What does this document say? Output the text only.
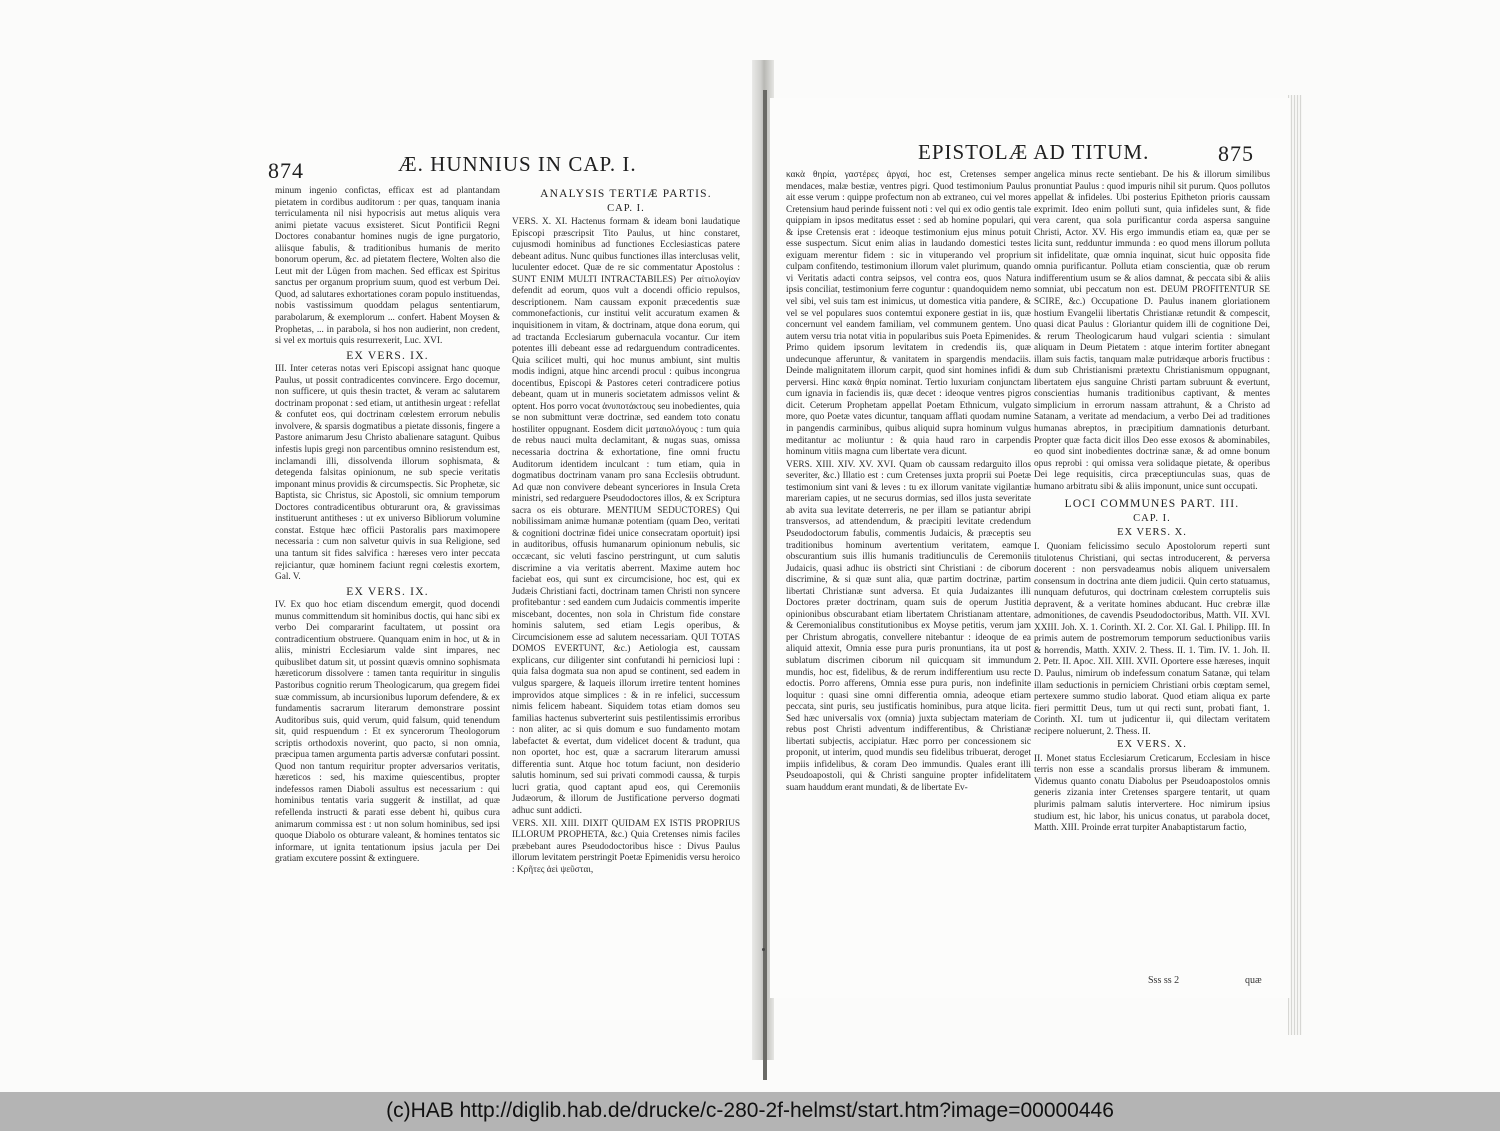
874	Æ. HUNNIUS IN CAP. I.

minum ingenio confictas, efficax est ad plantandam pietatem in cordibus auditorum : per quas, tanquam inania terriculamenta nil nisi hypocrisis aut metus aliquis vera animi pietate vacuus exsisteret. Sicut Pontificii Regni Doctores conabantur homines nugis de igne purgatorio, aliisque fabulis, & traditionibus humanis de merito bonorum operum, &c. ad pietatem flectere, Wolten also die Leut mit der Lügen from machen. Sed efficax est Spiritus sanctus per organum proprium suum, quod est verbum Dei. Quod, ad salutares exhortationes coram populo instituendas, nobis vastissimum quoddam pelagus sententiarum, parabolarum, & exemplorum ... confert. Habent Moysen & Prophetas, ... in parabola, si hos non audierint, non credent, si vel ex mortuis quis resurrexerit, Luc. XVI.

EX VERS. IX.

III. Inter ceteras notas veri Episcopi assignat hanc quoque Paulus, ut possit contradicentes convincere. Ergo docemur, non sufficere, ut quis thesin tractet, & veram ac salutarem doctrinam proponat : sed etiam, ut antithesin urgeat : refellat & confutet eos, qui doctrinam cœlestem errorum nebulis involvere, & sparsis dogmatibus a pietate dissonis, fingere a Pastore animarum Jesu Christo abalienare satagunt. Quibus infestis lupis gregi non parcentibus omnino resistendum est, inclamandi illi, dissolvenda illorum sophismata, & detegenda falsitas opinionum, ne sub specie veritatis imponant minus providis & circumspectis. Sic Prophetæ, sic Baptista, sic Christus, sic Apostoli, sic omnium temporum Doctores contradicentibus obturarunt ora, & gravissimas instituerunt antitheses : ut ex universo Bibliorum volumine constat. Estque hæc officii Pastoralis pars maximopere necessaria : cum non salvetur quivis in sua Religione, sed una tantum sit fides salvifica : hæreses vero inter peccata rejiciantur, quæ hominem faciunt regni cœlestis exortem, Gal. V.

EX VERS. IX.

IV. Ex quo hoc etiam discendum emergit, quod docendi munus committendum sit hominibus doctis, qui hanc sibi ex verbo Dei compararint facultatem, ut possint ora contradicentium obstruere. Quanquam enim in hoc, ut & in aliis, ministri Ecclesiarum valde sint impares, nec quibuslibet datum sit, ut possint quævis omnino sophismata hæreticorum dissolvere : tamen tanta requiritur in singulis Pastoribus cognitio rerum Theologicarum, qua gregem fidei suæ commissum, ab incursionibus luporum defendere, & ex fundamentis sacrarum literarum demonstrare possint Auditoribus suis, quid verum, quid falsum, quid tenendum sit, quid respuendum : Et ex syncerorum Theologorum scriptis orthodoxis noverint, quo pacto, si non omnia, præcipua tamen argumenta partis adversæ confutari possint. Quod non tantum requiritur propter adversarios veritatis, hæreticos : sed, his maxime quiescentibus, propter indefessos ramen Diaboli assultus est necessarium : qui hominibus tentatis varia suggerit & instillat, ad quæ refellenda instructi & parati esse debent hi, quibus cura animarum commissa est : ut non solum hominibus, sed ipsi quoque Diabolo os obturare valeant, & homines tentatos sic informare, ut ignita tentationum ipsius jacula per Dei gratiam excutere possint & extinguere.

ANALYSIS TERTIÆ PARTIS.
CAP. I.

VERS. X. XI. Hactenus formam & ideam boni laudatique Episcopi præscripsit Tito Paulus, ut hinc constaret, cujusmodi hominibus ad functiones Ecclesiasticas patere debeant aditus. Nunc quibus functiones illas interclusas velit, luculenter edocet. Quæ de re sic commentatur Apostolus : SUNT ENIM MULTI INTRACTABILES) Per αἰτιολογίαν defendit ad eorum, quos vult a docendi officio repulsos, descriptionem. Nam caussam exponit præcedentis suæ commonefactionis, cur institui velit accuratum examen & inquisitionem in vitam, & doctrinam, atque dona eorum, qui ad tractanda Ecclesiarum gubernacula vocantur. Cur item potentes illi debeant esse ad redarguendum contradicentes. Quia scilicet multi, qui hoc munus ambiunt, sint multis modis indigni, atque hinc arcendi procul : quibus incongrua docentibus, Episcopi & Pastores ceteri contradicere potius debeant, quam ut in muneris societatem admissos velint & optent. Hos porro vocat ἀνυποτάκτους seu inobedientes, quia se non submittunt veræ doctrinæ, sed eandem toto conatu hostiliter oppugnant. Eosdem dicit ματαιολόγους : tum quia de rebus nauci multa declamitant, & nugas suas, omissa necessaria doctrina & exhortatione, fine omni fructu Auditorum identidem inculcant : tum etiam, quia in dogmatibus doctrinam vanam pro sana Ecclesiis obtrudunt. Ad quæ non convivere debeant synceriores in Insula Creta ministri, sed redarguere Pseudodoctores illos, & ex Scriptura sacra os eis obturare. MENTIUM SEDUCTORES) Qui nobilissimam animæ humanæ potentiam (quam Deo, veritati & cognitioni doctrinæ fidei unice consecratam oportuit) ipsi in auditoribus, offusis humanarum opinionum nebulis, sic occæcant, sic veluti fascino perstringunt, ut cum salutis discrimine a via veritatis aberrent. Maxime autem hoc faciebat eos, qui sunt ex circumcisione, hoc est, qui ex Judæis Christiani facti, doctrinam tamen Christi non syncere profitebantur : sed eandem cum Judaicis commentis imperite miscebant, docentes, non sola in Christum fide constare hominis salutem, sed etiam Legis operibus, & Circumcisionem esse ad salutem necessariam. QUI TOTAS DOMOS EVERTUNT, &c.) Aetiologia est, caussam explicans, cur diligenter sint confutandi hi perniciosi lupi : quia falsa dogmata sua non apud se continent, sed eadem in vulgus spargere, & laqueis illorum irretire tentent homines improvidos atque simplices : & in re infelici, successum nimis felicem habeant. Siquidem totas etiam domos seu familias hactenus subverterint suis pestilentissimis erroribus : non aliter, ac si quis domum e suo fundamento motam labefactet & evertat, dum videlicet docent & tradunt, qua non oportet, hoc est, quæ a sacrarum literarum amussi differentia sunt. Atque hoc totum faciunt, non desiderio salutis hominum, sed sui privati commodi caussa, & turpis lucri gratia, quod captant apud eos, qui Ceremoniis Judæorum, & illorum de Justificatione perverso dogmati adhuc sunt addicti.

VERS. XII. XIII. DIXIT QUIDAM EX ISTIS PROPRIUS ILLORUM PROPHETA, &c.) Quia Cretenses nimis faciles præbebant aures Pseudodoctoribus hisce : Divus Paulus illorum levitatem perstringit Poetæ Epimenidis versu heroico : Κρῆτες ἀεὶ ψεῦσται,

EPISTOLÆ AD TITUM.	875

κακὰ θηρία, γαστέρες ἀργαί, hoc est, Cretenses semper mendaces, malæ bestiæ, ventres pigri. Quod testimonium Paulus ait esse verum : quippe profectum non ab extraneo, cui vel mores Cretensium haud perinde fuissent noti : vel qui ex odio gentis tale quippiam in ipsos meditatus esset : sed ab homine populari, qui & ipse Cretensis erat : ideoque testimonium ejus minus potuit esse suspectum. Sicut enim alias in laudando domestici testes exiguam merentur fidem : sic in vituperando vel proprium culpam confitendo, testimonium illorum valet plurimum, quando vi Veritatis adacti contra seipsos, vel contra eos, quos Natura ipsis conciliat, testimonium ferre coguntur : quandoquidem nemo vel sibi, vel suis tam est inimicus, ut domestica vitia pandere, & vel se vel populares suos contemtui exponere gestiat in iis, quæ concernunt vel eandem familiam, vel communem gentem. Uno autem versu tria notat vitia in popularibus suis Poeta Epimenides. Primo quidem ipsorum levitatem in credendis iis, quæ undecunque afferuntur, & vanitatem in spargendis mendaciis. Deinde malignitatem illorum carpit, quod sint homines infidi & perversi. Hinc κακὰ θηρία nominat. Tertio luxuriam conjunctam cum ignavia in faciendis iis, quæ decet : ideoque ventres pigros dicit. Ceterum Prophetam appellat Poetam Ethnicum, vulgato more, quo Poetæ vates dicuntur, tanquam afflati quodam numine in pangendis carminibus, quibus aliquid supra hominum vulgus meditantur ac moliuntur : & quia haud raro in carpendis hominum vitiis magna cum libertate vera dicunt.

VERS. XIII. XIV. XV. XVI. Quam ob caussam redarguito illos severiter, &c.) Illatio est : cum Cretenses juxta proprii sui Poetæ testimonium sint vani & leves : tu ex illorum vanitate vigilantiæ mareriam capies, ut ne securus dormias, sed illos justa severitate ab avita sua levitate deterreris, ne per illam se patiantur abripi transversos, ad attendendum, & præcipiti levitate credendum Pseudodoctorum fabulis, commentis Judaicis, & præceptis seu traditionibus hominum avertentium veritatem, eamque obscurantium suis illis humanis traditiunculis de Ceremoniis Judaicis, quasi adhuc iis obstricti sint Christiani : de ciborum discrimine, & si quæ sunt alia, quæ partim doctrinæ, partim libertati Christianæ sunt adversa. Et quia Judaizantes illi Doctores præter doctrinam, quam suis de operum Justitia opinionibus obscurabant etiam libertatem Christianam attentare, & Ceremonialibus constitutionibus ex Moyse petitis, verum jam per Christum abrogatis, convellere nitebantur : ideoque de ea aliquid attexit, Omnia esse pura puris pronuntians, ita ut post sublatum discrimen ciborum nil quicquam sit immundum mundis, hoc est, fidelibus, & de rerum indifferentium usu recte edoctis. Porro afferens, Omnia esse pura puris, non indefinite loquitur : quasi sine omni differentia omnia, adeoque etiam peccata, sint puris, seu justificatis hominibus, pura atque licita. Sed hæc universalis vox (omnia) juxta subjectam materiam de rebus post Christi adventum indifferentibus, & Christianæ libertati subjectis, accipiatur. Hæc porro per concessionem sic proponit, ut interim, quod mundis seu fidelibus tribuerat, deroget impiis infidelibus, & coram Deo immundis. Quales erant illi Pseudoapostoli, qui & Christi sanguine propter infidelitatem suam hauddum erant mundati, & de libertate Ev-

angelica minus recte sentiebant. De his & illorum similibus pronuntiat Paulus : quod impuris nihil sit purum. Quos pollutos appellat & infideles. Ubi posterius Epitheton prioris caussam exprimit. Ideo enim polluti sunt, quia infideles sunt, & fide vera carent, qua sola purificantur corda aspersa sanguine Christi, Actor. XV. His ergo immundis etiam ea, quæ per se licita sunt, redduntur immunda : eo quod mens illorum polluta sit infidelitate, quæ omnia inquinat, sicut huic opposita fide omnia purificantur. Polluta etiam conscientia, quæ ob rerum indifferentium usum se & alios damnat, & peccata sibi & aliis somniat, ubi peccatum non est. DEUM PROFITENTUR SE SCIRE, &c.) Occupatione D. Paulus inanem gloriationem hostium Evangelii libertatis Christianæ retundit & compescit, quasi dicat Paulus : Gloriantur quidem illi de cognitione Dei, & rerum Theologicarum haud vulgari scientia : simulant aliquam in Deum Pietatem : atque interim fortiter abnegant illam suis factis, tanquam malæ putridæque arboris fructibus : dum sub Christianismi prætextu Christianismum oppugnant, libertatem ejus sanguine Christi partam subruunt & evertunt, conscientias humanis traditionibus captivant, & mentes simplicium in errorum nassam attrahunt, & a Christo ad Satanam, a veritate ad mendacium, a verbo Dei ad traditiones humanas abreptos, in præcipitium damnationis deturbant. Propter quæ facta dicit illos Deo esse exosos & abominabiles, eo quod sint inobedientes doctrinæ sanæ, & ad omne bonum opus reprobi : qui omissa vera solidaque pietate, & operibus Dei lege requisitis, circa præceptiunculas suas, quas de humano arbitratu sibi & aliis imponunt, unice sunt occupati.

LOCI COMMUNES PART. III.
CAP. I.
EX VERS. X.

I. Quoniam felicissimo seculo Apostolorum reperti sunt titulotenus Christiani, qui sectas introducerent, & perversa docerent : non persvadeamus nobis aliquem universalem consensum in doctrina ante diem judicii. Quin certo statuamus, nunquam defuturos, qui doctrinam cœlestem corruptelis suis depravent, & a veritate homines abducant. Huc crebræ illæ admonitiones, de cavendis Pseudodoctoribus, Matth. VII. XVI. XXIII. Joh. X. 1. Corinth. XI. 2. Cor. XI. Gal. I. Philipp. III. In primis autem de postremorum temporum seductionibus variis & horrendis, Matth. XXIV. 2. Thess. II. 1. Tim. IV. 1. Joh. II. 2. Petr. II. Apoc. XII. XIII. XVII. Oportere esse hæreses, inquit D. Paulus, nimirum ob indefessum conatum Satanæ, qui telam illam seductionis in perniciem Christiani orbis cœptam semel, pertexere summo studio laborat. Quod etiam aliqua ex parte fieri permittit Deus, tum ut qui recti sunt, probati fiant, 1. Corinth. XI. tum ut judicentur ii, qui dilectam veritatem recipere noluerunt, 2. Thess. II.

EX VERS. X.

II. Monet status Ecclesiarum Creticarum, Ecclesiam in hisce terris non esse a scandalis prorsus liberam & immunem. Videmus quanto conatu Diabolus per Pseudoapostolos omnis generis zizania inter Cretenses spargere tentarit, ut quam plurimis palmam salutis intervertere. Hoc nimirum ipsius studium est, hic labor, his unicus conatus, ut parabola docet, Matth. XIII. Proinde errat turpiter Anabaptistarum factio,

Sss ss 2	quæ
(c)HAB http://diglib.hab.de/drucke/c-280-2f-helmst/start.htm?image=00000446
